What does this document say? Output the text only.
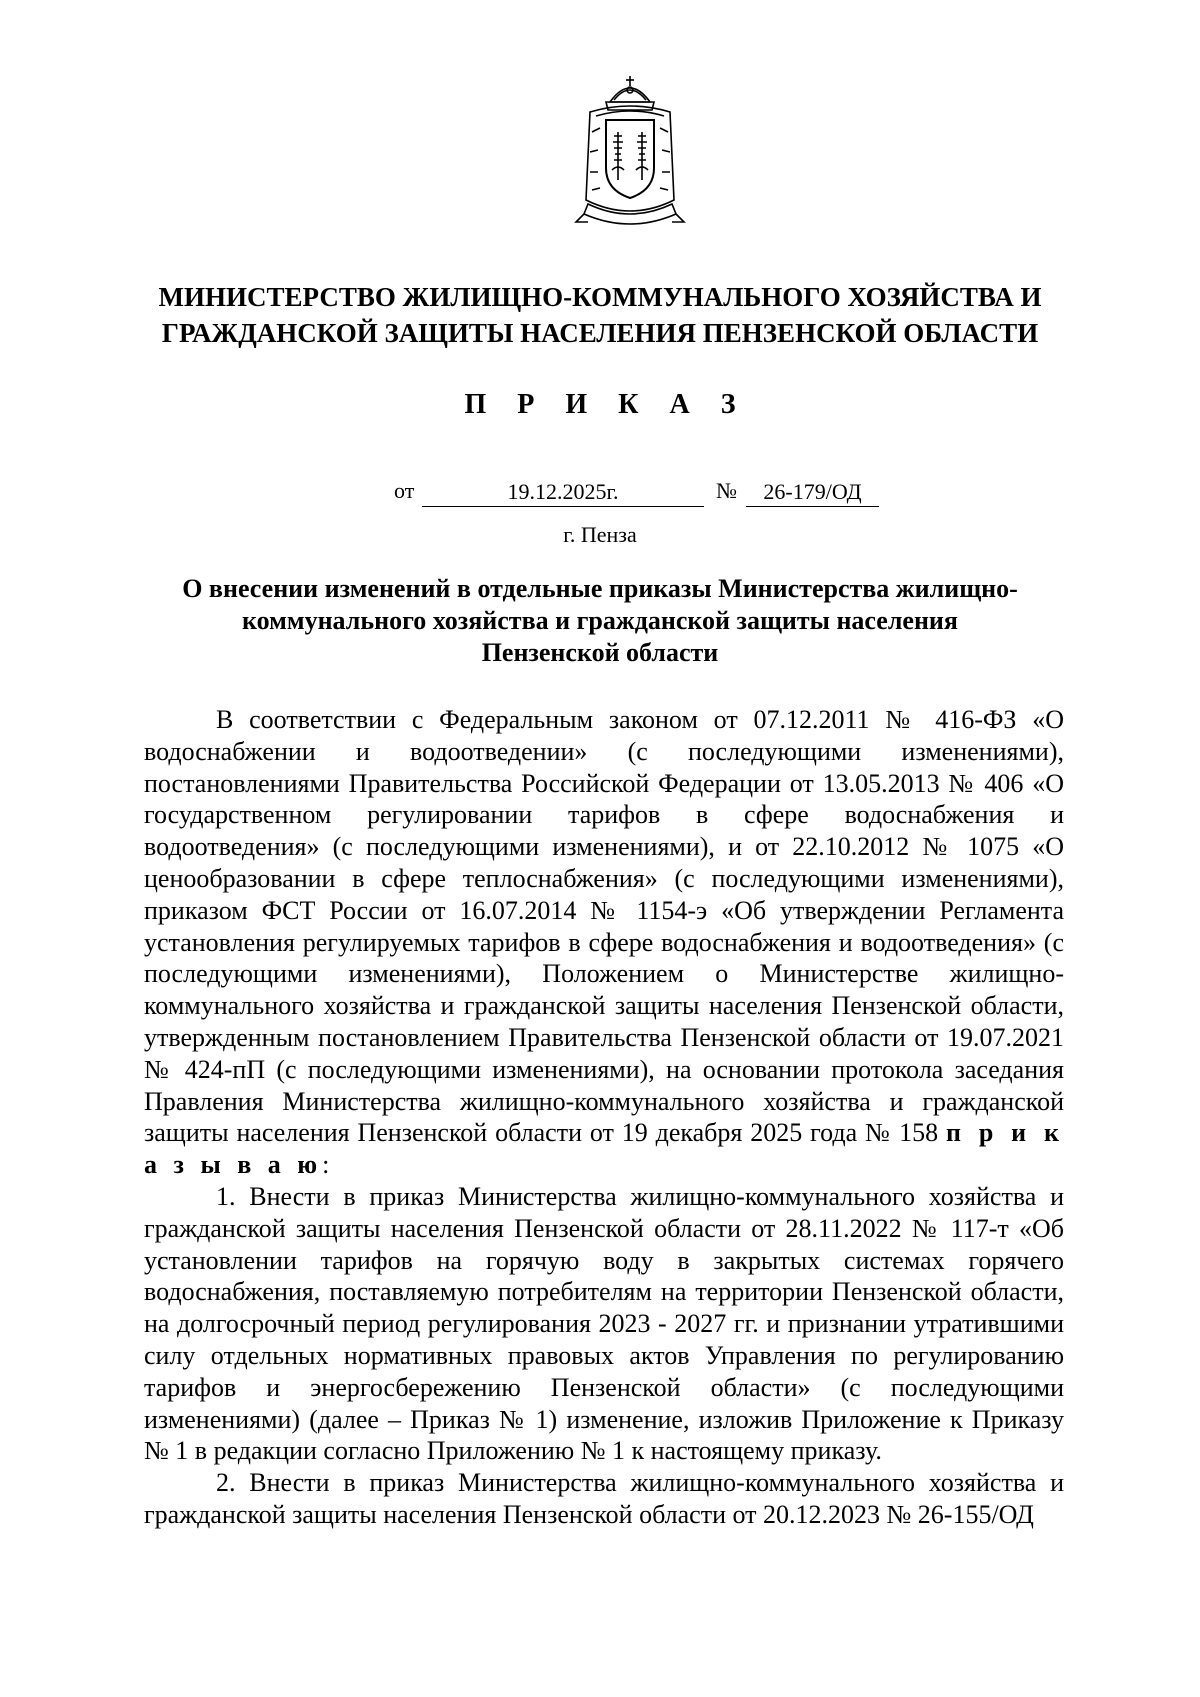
МИНИСТЕРСТВО ЖИЛИЩНО-КОММУНАЛЬНОГО ХОЗЯЙСТВА И
ГРАЖДАНСКОЙ ЗАЩИТЫ НАСЕЛЕНИЯ ПЕНЗЕНСКОЙ ОБЛАСТИ
П Р И К А З
от	19.12.2025г.	№	26-179/ОД
г. Пенза
О внесении изменений в отдельные приказы Министерства жилищно-
коммунального хозяйства и гражданской защиты населения
Пензенской области

В соответствии с Федеральным законом от 07.12.2011 № 416-ФЗ «О водоснабжении и водоотведении» (с последующими изменениями), постановлениями Правительства Российской Федерации от 13.05.2013 № 406 «О государственном регулировании тарифов в сфере водоснабжения и водоотведения» (с последующими изменениями), и от 22.10.2012 № 1075 «О ценообразовании в сфере теплоснабжения» (с последующими изменениями), приказом ФСТ России от 16.07.2014 № 1154-э «Об утверждении Регламента установления регулируемых тарифов в сфере водоснабжения и водоотведения» (с последующими изменениями), Положением о Министерстве жилищно-коммунального хозяйства и гражданской защиты населения Пензенской области, утвержденным постановлением Правительства Пензенской области от 19.07.2021 № 424-пП (с последующими изменениями), на основании протокола заседания Правления Министерства жилищно-коммунального хозяйства и гражданской защиты населения Пензенской области от 19 декабря 2025 года № 158 п р и к а з ы в а ю:

1. Внести в приказ Министерства жилищно-коммунального хозяйства и гражданской защиты населения Пензенской области от 28.11.2022 № 117-т «Об установлении тарифов на горячую воду в закрытых системах горячего водоснабжения, поставляемую потребителям на территории Пензенской области, на долгосрочный период регулирования 2023 - 2027 гг. и признании утратившими силу отдельных нормативных правовых актов Управления по регулированию тарифов и энергосбережению Пензенской области» (с последующими изменениями) (далее – Приказ № 1) изменение, изложив Приложение к Приказу № 1 в редакции согласно Приложению № 1 к настоящему приказу.

2. Внести в приказ Министерства жилищно-коммунального хозяйства и гражданской защиты населения Пензенской области от 20.12.2023 № 26-155/ОД
